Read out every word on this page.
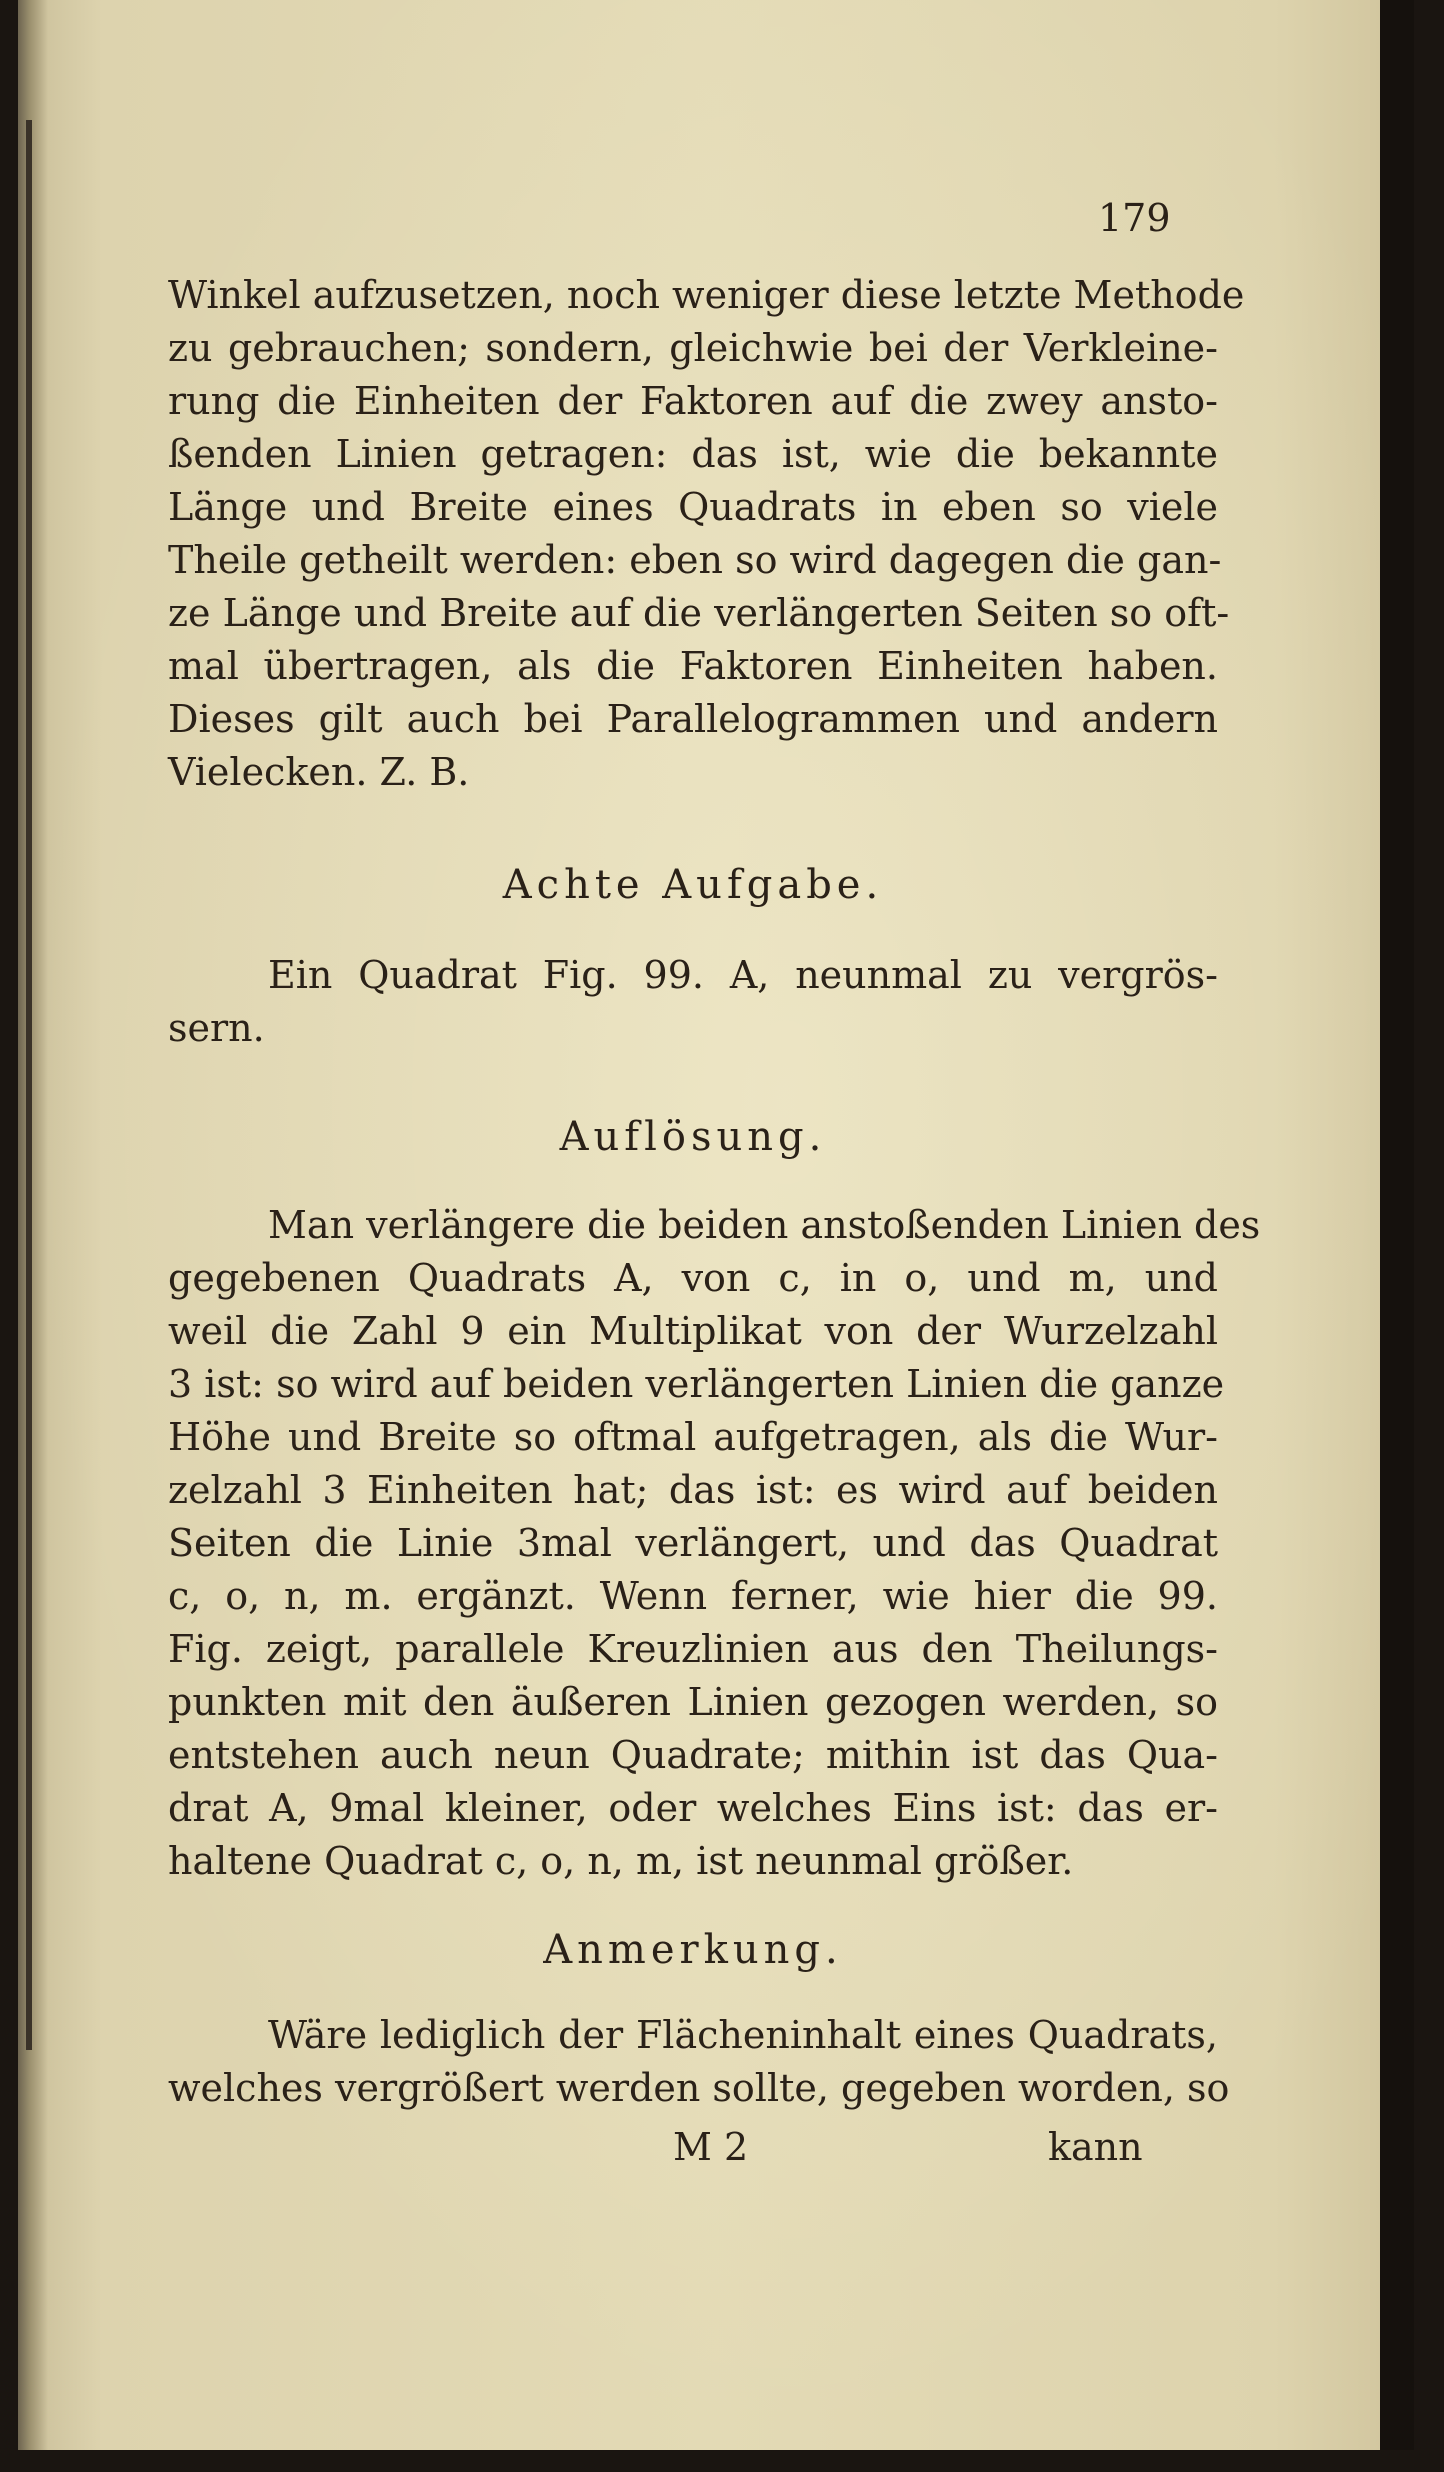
179
Winkel aufzusetzen, noch weniger diese letzte Methode
zu gebrauchen; sondern, gleichwie bei der Verkleine-
rung die Einheiten der Faktoren auf die zwey ansto-
ßenden Linien getragen: das ist, wie die bekannte
Länge und Breite eines Quadrats in eben so viele
Theile getheilt werden: eben so wird dagegen die gan-
ze Länge und Breite auf die verlängerten Seiten so oft-
mal übertragen, als die Faktoren Einheiten haben.
Dieses gilt auch bei Parallelogrammen und andern
Vielecken. Z. B.
Achte Aufgabe.
Ein Quadrat Fig. 99. A, neunmal zu vergrös-
sern.
Auflösung.
Man verlängere die beiden anstoßenden Linien des
gegebenen Quadrats A, von c, in o, und m, und
weil die Zahl 9 ein Multiplikat von der Wurzelzahl
3 ist: so wird auf beiden verlängerten Linien die ganze
Höhe und Breite so oftmal aufgetragen, als die Wur-
zelzahl 3 Einheiten hat; das ist: es wird auf beiden
Seiten die Linie 3mal verlängert, und das Quadrat
c, o, n, m. ergänzt. Wenn ferner, wie hier die 99.
Fig. zeigt, parallele Kreuzlinien aus den Theilungs-
punkten mit den äußeren Linien gezogen werden, so
entstehen auch neun Quadrate; mithin ist das Qua-
drat A, 9mal kleiner, oder welches Eins ist: das er-
haltene Quadrat c, o, n, m, ist neunmal größer.
Anmerkung.
Wäre lediglich der Flächeninhalt eines Quadrats,
welches vergrößert werden sollte, gegeben worden, so
M 2	kann
